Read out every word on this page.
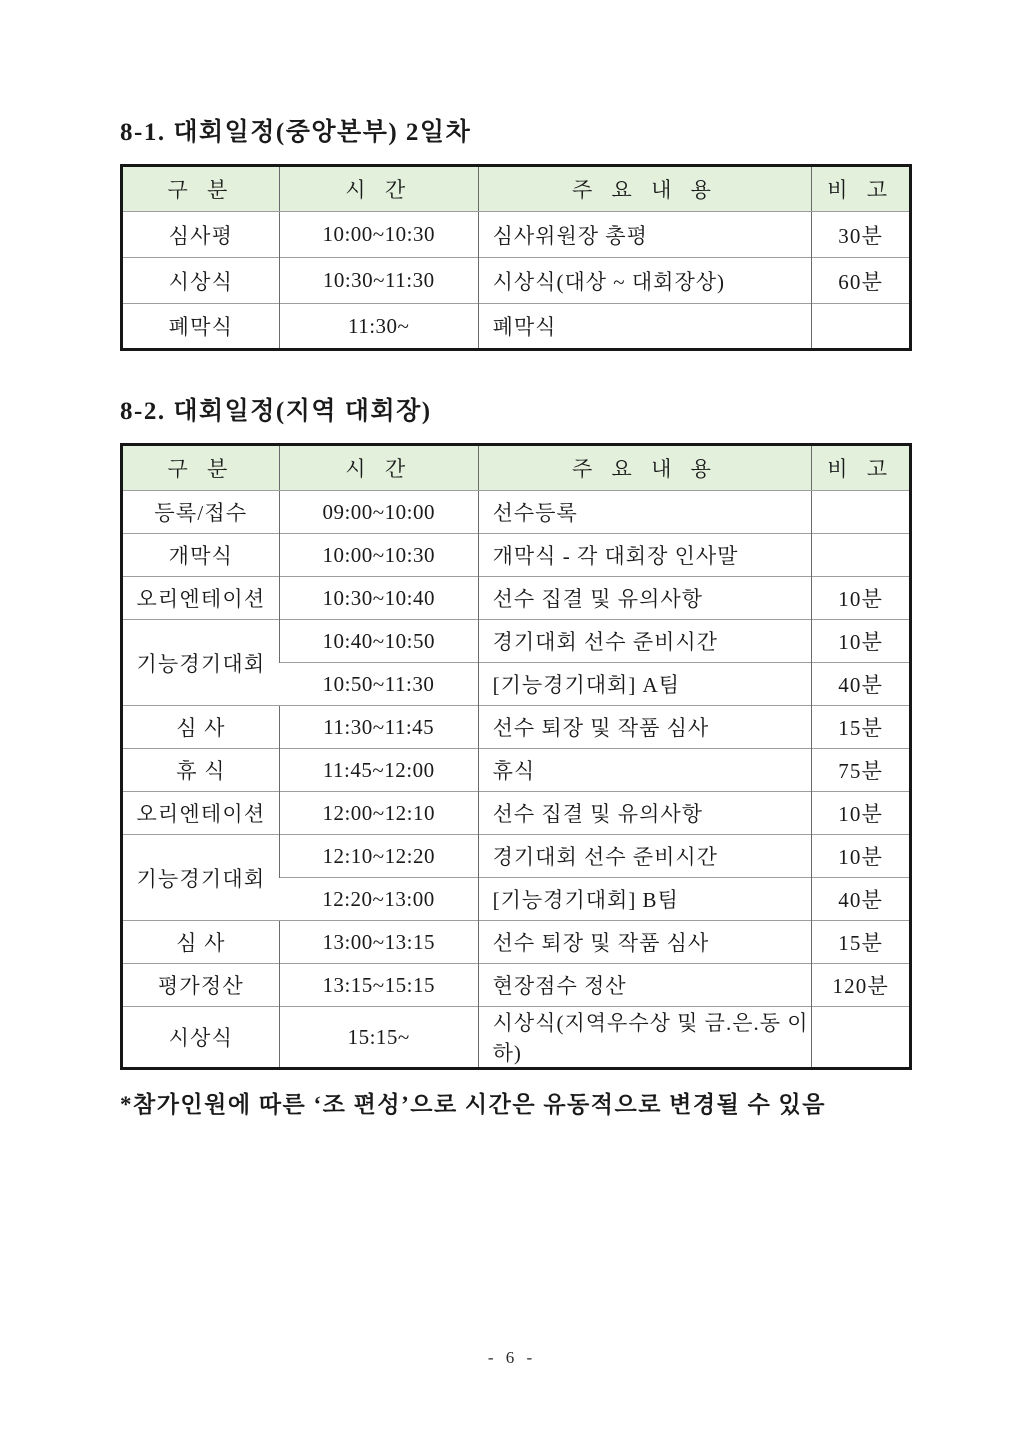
8-1. 대회일정(중앙본부) 2일차
구 분	시 간	주 요 내 용	비 고
심사평	10:00~10:30	심사위원장 총평	30분
시상식	10:30~11:30	시상식(대상 ~ 대회장상)	60분
폐막식	11:30~	폐막식	
8-2. 대회일정(지역 대회장)
구 분	시 간	주 요 내 용	비 고
등록/접수	09:00~10:00	선수등록	
개막식	10:00~10:30	개막식 - 각 대회장 인사말	
오리엔테이션	10:30~10:40	선수 집결 및 유의사항	10분
기능경기대회	10:40~10:50	경기대회 선수 준비시간	10분
	10:50~11:30	[기능경기대회] A팀	40분
심 사	11:30~11:45	선수 퇴장 및 작품 심사	15분
휴 식	11:45~12:00	휴식	75분
오리엔테이션	12:00~12:10	선수 집결 및 유의사항	10분
기능경기대회	12:10~12:20	경기대회 선수 준비시간	10분
	12:20~13:00	[기능경기대회] B팀	40분
심 사	13:00~13:15	선수 퇴장 및 작품 심사	15분
평가정산	13:15~15:15	현장점수 정산	120분
시상식	15:15~	시상식(지역우수상 및 금.은.동 이하)	

*참가인원에 따른 ‘조 편성’으로 시간은 유동적으로 변경될 수 있음

- 6 -
